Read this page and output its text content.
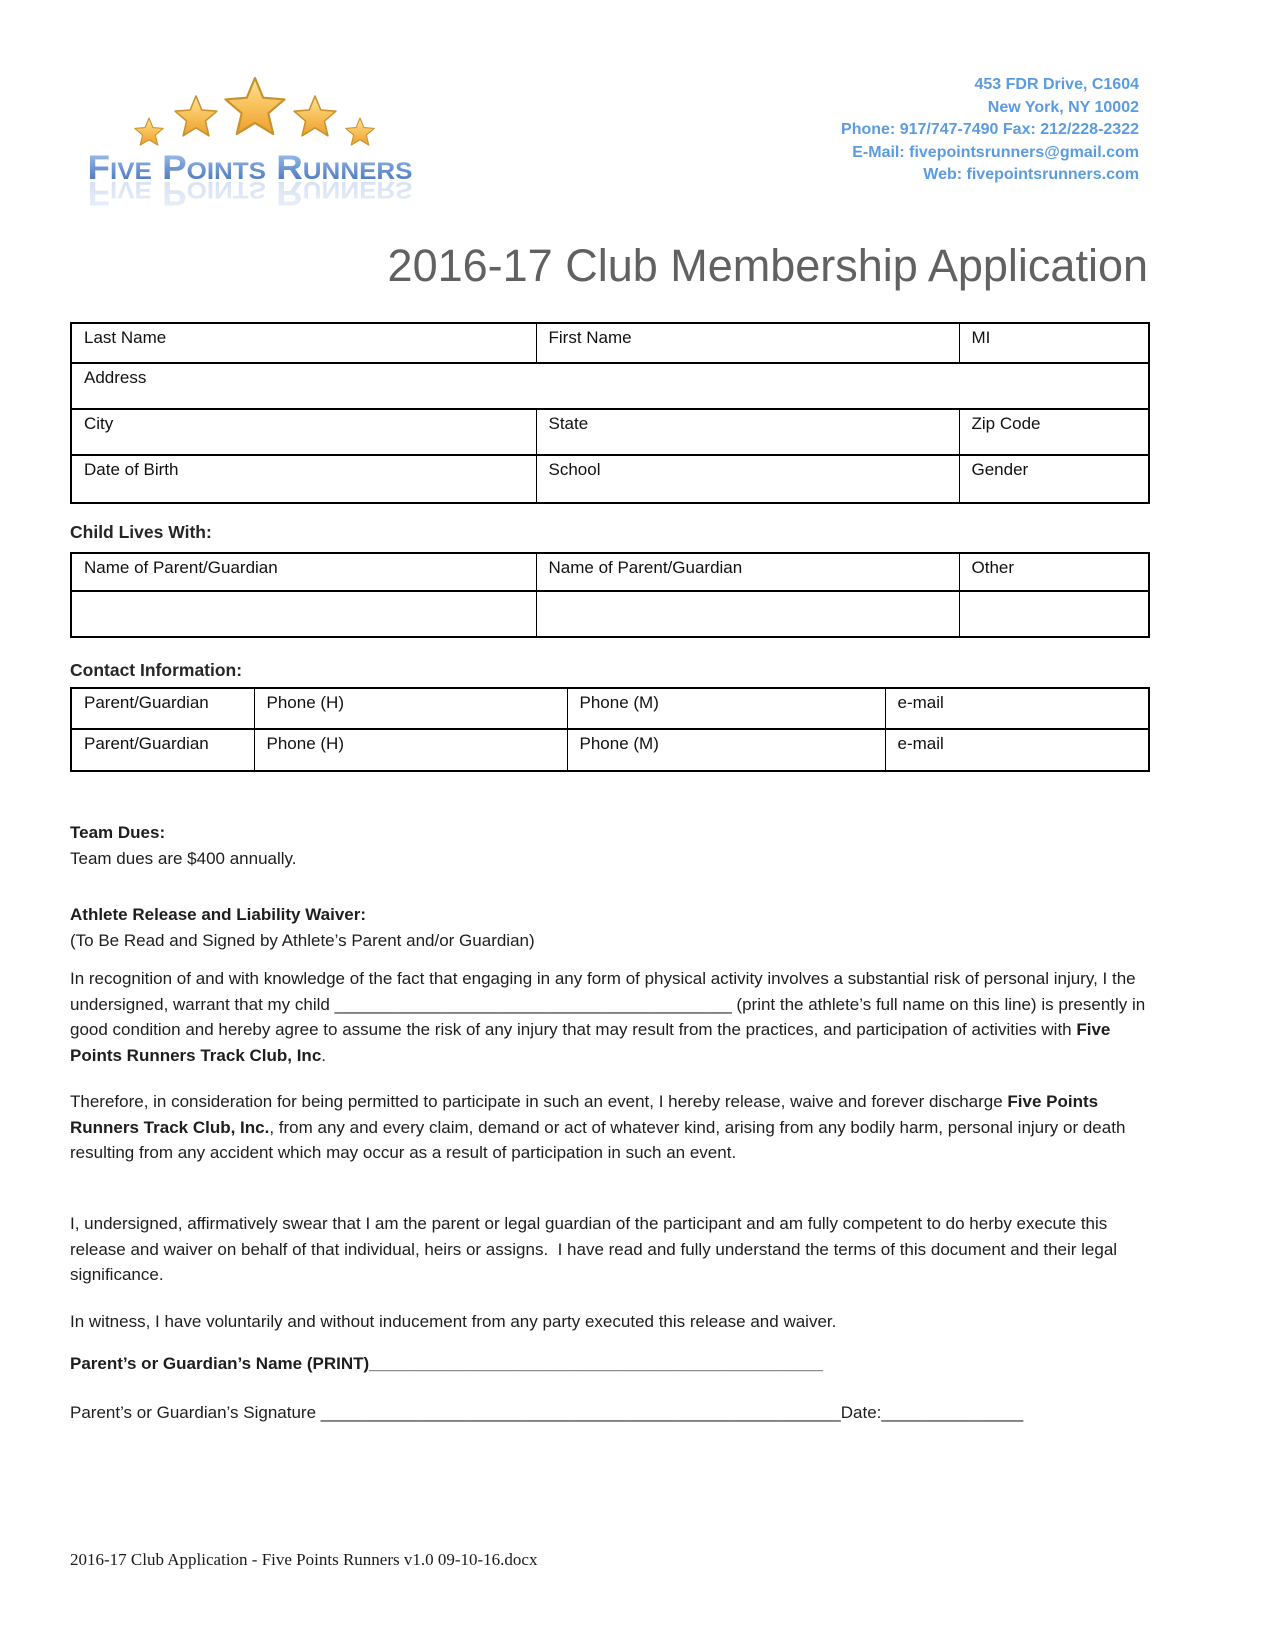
Five Points Runners
453 FDR Drive, C1604
New York, NY 10002
Phone: 917/747-7490 Fax: 212/228-2322
E-Mail: fivepointsrunners@gmail.com
Web: fivepointsrunners.com
2016-17 Club Membership Application
Last Name	First Name	MI
Address		
City	State	Zip Code
Date of Birth	School	Gender
Child Lives With:
Name of Parent/Guardian	Name of Parent/Guardian	Other

Contact Information:
Parent/Guardian	Phone (H)	Phone (M)	e-mail
Parent/Guardian	Phone (H)	Phone (M)	e-mail
Team Dues:
Team dues are $400 annually.
Athlete Release and Liability Waiver:
(To Be Read and Signed by Athlete’s Parent and/or Guardian)
In recognition of and with knowledge of the fact that engaging in any form of physical activity involves a substantial risk of personal injury, I the undersigned, warrant that my child __________________________________________ (print the athlete’s full name on this line) is presently in good condition and hereby agree to assume the risk of any injury that may result from the practices, and participation of activities with Five Points Runners Track Club, Inc.
Therefore, in consideration for being permitted to participate in such an event, I hereby release, waive and forever discharge Five Points Runners Track Club, Inc., from any and every claim, demand or act of whatever kind, arising from any bodily harm, personal injury or death resulting from any accident which may occur as a result of participation in such an event.
I, undersigned, affirmatively swear that I am the parent or legal guardian of the participant and am fully competent to do herby execute this release and waiver on behalf of that individual, heirs or assigns.  I have read and fully understand the terms of this document and their legal significance.
In witness, I have voluntarily and without inducement from any party executed this release and waiver.
Parent’s or Guardian’s Name (PRINT)________________________________________________
Parent’s or Guardian’s Signature _______________________________________________________Date:_______________
2016-17 Club Application - Five Points Runners v1.0 09-10-16.docx
